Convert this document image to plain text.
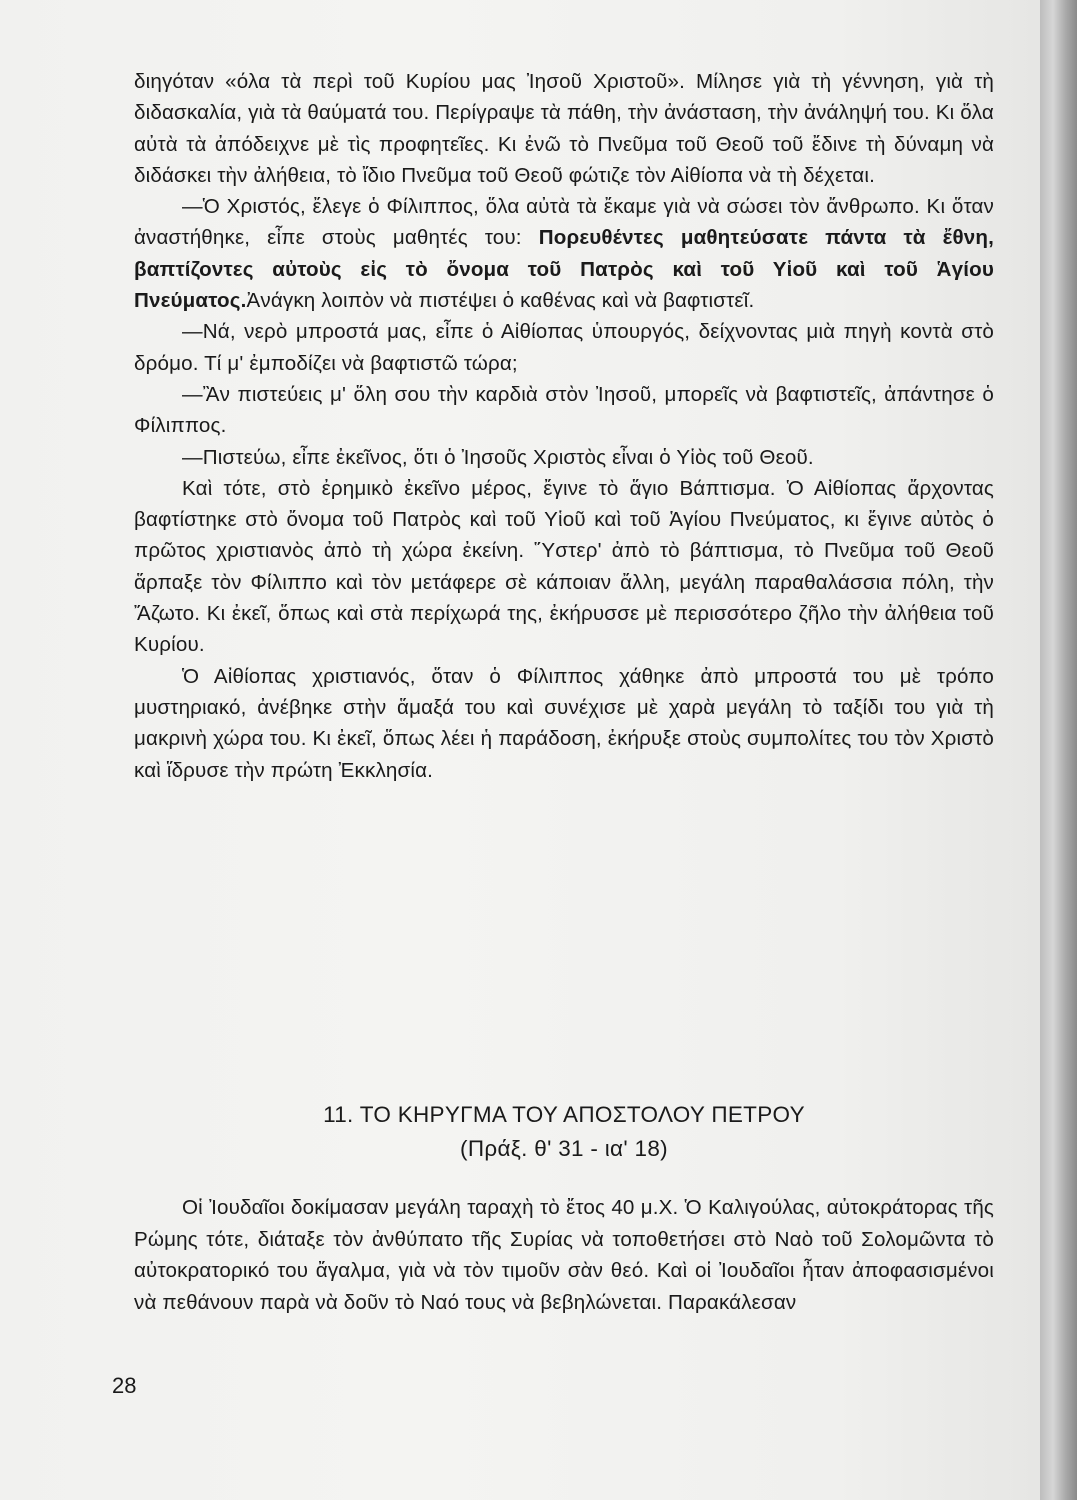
διηγόταν «όλα τὰ περὶ τοῦ Κυρίου μας Ἰησοῦ Χριστοῦ». Μίλησε γιὰ τὴ γέννηση, γιὰ τὴ διδασκαλία, γιὰ τὰ θαύματά του. Περίγραψε τὰ πάθη, τὴν ἀνάσταση, τὴν ἀνάληψή του. Κι ὅλα αὐτὰ τὰ ἀπόδειχνε μὲ τὶς προφητεῖες. Κι ἐνῶ τὸ Πνεῦμα τοῦ Θεοῦ τοῦ ἔδινε τὴ δύναμη νὰ διδάσκει τὴν ἀλήθεια, τὸ ἴδιο Πνεῦμα τοῦ Θεοῦ φώτιζε τὸν Αἰθίοπα νὰ τὴ δέχεται.

—Ὁ Χριστός, ἔλεγε ὁ Φίλιππος, ὅλα αὐτὰ τὰ ἔκαμε γιὰ νὰ σώσει τὸν ἄνθρωπο. Κι ὅταν ἀναστήθηκε, εἶπε στοὺς μαθητές του: Πορευθέντες μαθητεύσατε πάντα τὰ ἔθνη, βαπτίζοντες αὐτοὺς εἰς τὸ ὄνομα τοῦ Πατρὸς καὶ τοῦ Υἱοῦ καὶ τοῦ Ἁγίου Πνεύματος.Ἀνάγκη λοιπὸν νὰ πιστέψει ὁ καθένας καὶ νὰ βαφτιστεῖ.

—Νά, νερὸ μπροστά μας, εἶπε ὁ Αἰθίοπας ὑπουργός, δείχνοντας μιὰ πηγὴ κοντὰ στὸ δρόμο. Τί μ' ἐμποδίζει νὰ βαφτιστῶ τώρα;

—Ἂν πιστεύεις μ' ὅλη σου τὴν καρδιὰ στὸν Ἰησοῦ, μπορεῖς νὰ βαφτιστεῖς, ἀπάντησε ὁ Φίλιππος.

—Πιστεύω, εἶπε ἐκεῖνος, ὅτι ὁ Ἰησοῦς Χριστὸς εἶναι ὁ Υἱὸς τοῦ Θεοῦ.

Καὶ τότε, στὸ ἐρημικὸ ἐκεῖνο μέρος, ἔγινε τὸ ἅγιο Βάπτισμα. Ὁ Αἰθίοπας ἄρχοντας βαφτίστηκε στὸ ὄνομα τοῦ Πατρὸς καὶ τοῦ Υἱοῦ καὶ τοῦ Ἁγίου Πνεύματος, κι ἔγινε αὐτὸς ὁ πρῶτος χριστιανὸς ἀπὸ τὴ χώρα ἐκείνη. Ὕστερ' ἀπὸ τὸ βάπτισμα, τὸ Πνεῦμα τοῦ Θεοῦ ἅρπαξε τὸν Φίλιππο καὶ τὸν μετάφερε σὲ κάποιαν ἄλλη, μεγάλη παραθαλάσσια πόλη, τὴν Ἄζωτο. Κι ἐκεῖ, ὅπως καὶ στὰ περίχωρά της, ἐκήρυσσε μὲ περισσότερο ζῆλο τὴν ἀλήθεια τοῦ Κυρίου.

Ὁ Αἰθίοπας χριστιανός, ὅταν ὁ Φίλιππος χάθηκε ἀπὸ μπροστά του μὲ τρόπο μυστηριακό, ἀνέβηκε στὴν ἅμαξά του καὶ συνέχισε μὲ χαρὰ μεγάλη τὸ ταξίδι του γιὰ τὴ μακρινὴ χώρα του. Κι ἐκεῖ, ὅπως λέει ἡ παράδοση, ἐκήρυξε στοὺς συμπολίτες του τὸν Χριστὸ καὶ ἵδρυσε τὴν πρώτη Ἐκκλησία.

11. ΤΟ ΚΗΡΥΓΜΑ ΤΟΥ ΑΠΟΣΤΟΛΟΥ ΠΕΤΡΟΥ
(Πράξ. θ' 31 - ια' 18)

Οἱ Ἰουδαῖοι δοκίμασαν μεγάλη ταραχὴ τὸ ἔτος 40 μ.Χ. Ὁ Καλιγούλας, αὐτοκράτορας τῆς Ρώμης τότε, διάταξε τὸν ἀνθύπατο τῆς Συρίας νὰ τοποθετήσει στὸ Ναὸ τοῦ Σολομῶντα τὸ αὐτοκρατορικό του ἄγαλμα, γιὰ νὰ τὸν τιμοῦν σὰν θεό. Καὶ οἱ Ἰουδαῖοι ἦταν ἀποφασισμένοι νὰ πεθάνουν παρὰ νὰ δοῦν τὸ Ναό τους νὰ βεβηλώνεται. Παρακάλεσαν

28
